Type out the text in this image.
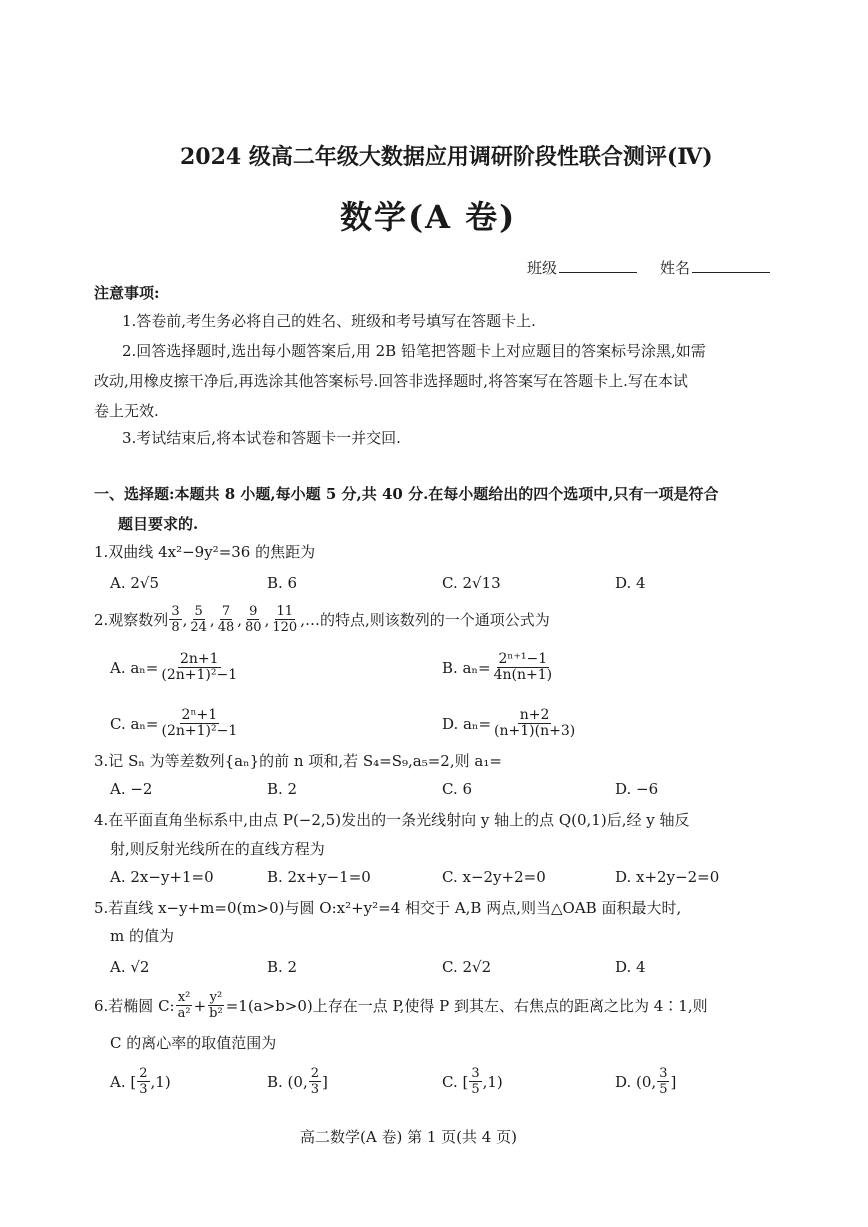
2024 级高二年级大数据应用调研阶段性联合测评(Ⅳ)
数学(A 卷)
班级	姓名
注意事项:
1.答卷前,考生务必将自己的姓名、班级和考号填写在答题卡上.
2.回答选择题时,选出每小题答案后,用 2B 铅笔把答题卡上对应题目的答案标号涂黑,如需
改动,用橡皮擦干净后,再选涂其他答案标号.回答非选择题时,将答案写在答题卡上.写在本试
卷上无效.
3.考试结束后,将本试卷和答题卡一并交回.
一、选择题:本题共 8 小题,每小题 5 分,共 40 分.在每小题给出的四个选项中,只有一项是符合
题目要求的.
1.双曲线 4x²−9y²=36 的焦距为
A. 2√5	B. 6	C. 2√13	D. 4
2.观察数列 $\frac{3}{8}$ , $\frac{5}{24}$ , $\frac{7}{48}$ , $\frac{9}{80}$ , $\frac{11}{120}$ ,…的特点,则该数列的一个通项公式为
A. $a_n= \frac{2n+1}{\text{(2n+1)²−1}}$	B. $a_n= \frac{\text{2ⁿ⁺¹−1}}{4n(n+1)}$
C. $a_n= \frac{\text{2ⁿ+1}}{\text{(2n+1)²−1}}$	D. $a_n= \frac{n+2}{(n+1)(n+3)}$
3.记 Sₙ 为等差数列{aₙ}的前 n 项和,若 S₄=S₉,a₅=2,则 a₁=
A. −2	B. 2	C. 6	D. −6
4.在平面直角坐标系中,由点 P(−2,5)发出的一条光线射向 y 轴上的点 Q(0,1)后,经 y 轴反
射,则反射光线所在的直线方程为
A. 2x−y+1=0	B. 2x+y−1=0	C. x−2y+2=0	D. x+2y−2=0
5.若直线 x−y+m=0(m>0)与圆 O:x²+y²=4 相交于 A,B 两点,则当△OAB 面积最大时,
m 的值为
A. √2	B. 2	C. 2√2	D. 4
6.若椭圆 C: $\frac{\text{x²}}{\text{a²}} + \frac{\text{y²}}{\text{b²}} =1(a>b>0)$上存在一点 P,使得 P 到其左、右焦点的距离之比为 4∶1,则
C 的离心率的取值范围为
A. [ $\frac{2}{3} ,1$)	B. (0, $\frac{2}{3}$ ]	C. [ $\frac{3}{5} ,1$)	D. (0, $\frac{3}{5}$ ]
高二数学(A 卷) 第 1 页(共 4 页)
